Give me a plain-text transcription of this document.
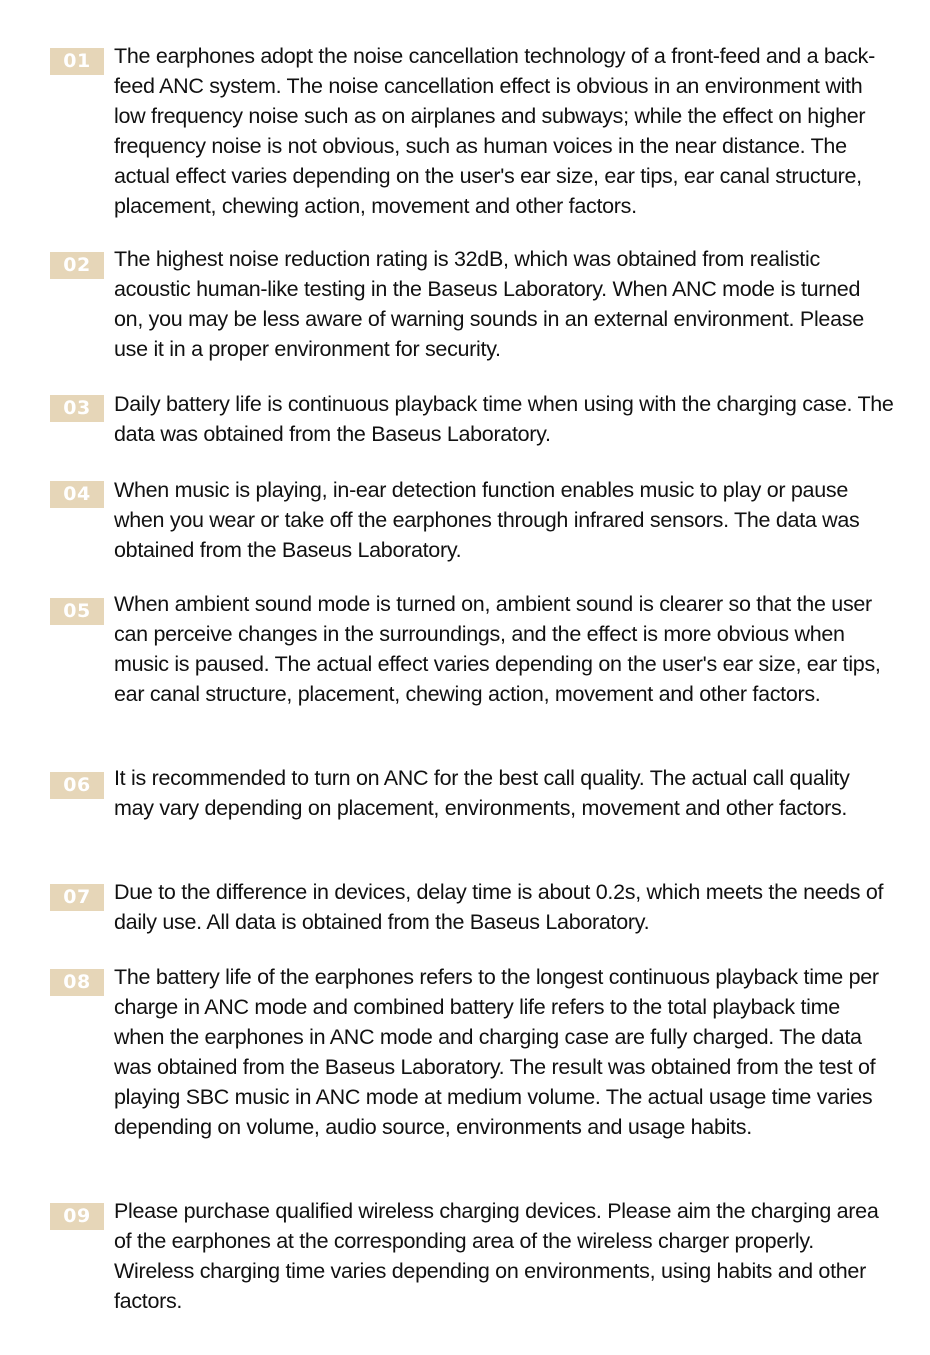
01	The earphones adopt the noise cancellation technology of a front-feed and a back-feed ANC system. The noise cancellation effect is obvious in an environment with low frequency noise such as on airplanes and subways; while the effect on higher frequency noise is not obvious, such as human voices in the near distance. The actual effect varies depending on the user's ear size, ear tips, ear canal structure, placement, chewing action, movement and other factors.

02	The highest noise reduction rating is 32dB, which was obtained from realistic acoustic human-like testing in the Baseus Laboratory. When ANC mode is turned on, you may be less aware of warning sounds in an external environment. Please use it in a proper environment for security.

03	Daily battery life is continuous playback time when using with the charging case. The data was obtained from the Baseus Laboratory.

04	When music is playing, in-ear detection function enables music to play or pause when you wear or take off the earphones through infrared sensors. The data was obtained from the Baseus Laboratory.

05	When ambient sound mode is turned on, ambient sound is clearer so that the user can perceive changes in the surroundings, and the effect is more obvious when music is paused. The actual effect varies depending on the user's ear size, ear tips, ear canal structure, placement, chewing action, movement and other factors.

06	It is recommended to turn on ANC for the best call quality. The actual call quality may vary depending on placement, environments, movement and other factors.

07	Due to the difference in devices, delay time is about 0.2s, which meets the needs of daily use. All data is obtained from the Baseus Laboratory.

08	The battery life of the earphones refers to the longest continuous playback time per charge in ANC mode and combined battery life refers to the total playback time when the earphones in ANC mode and charging case are fully charged. The data was obtained from the Baseus Laboratory. The result was obtained from the test of playing SBC music in ANC mode at medium volume. The actual usage time varies depending on volume, audio source, environments and usage habits.

09	Please purchase qualified wireless charging devices. Please aim the charging area of the earphones at the corresponding area of the wireless charger properly. Wireless charging time varies depending on environments, using habits and other factors.
